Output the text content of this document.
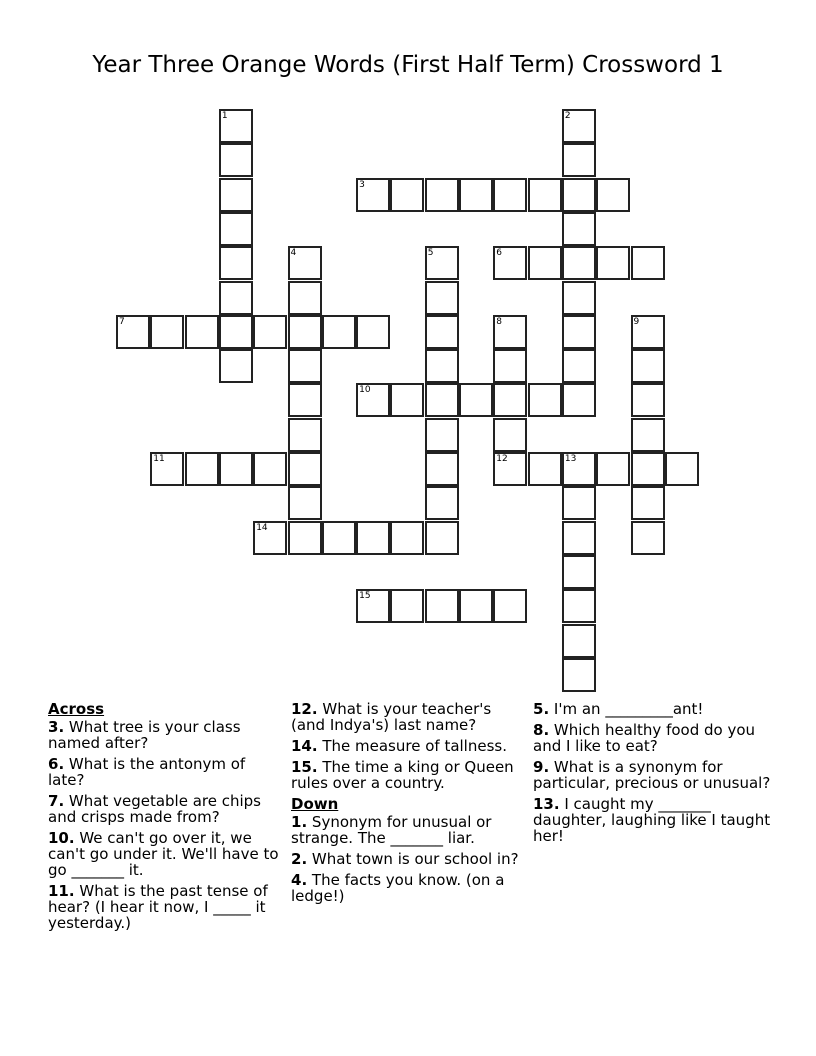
Year Three Orange Words (First Half Term) Crossword 1
1	2
3
4	5	6
7	8
12
9
10
11	13
14
15
Across
3. What tree is your class named after?
6. What is the antonym of late?
7. What vegetable are chips and crisps made from?
10. We can't go over it, we can't go under it. We'll have to go _______ it.
11. What is the past tense of hear? (I hear it now, I _____ it yesterday.)
12. What is your teacher's (and Indya's) last name?
14. The measure of tallness.
15. The time a king or Queen rules over a country.
Down
1. Synonym for unusual or strange. The _______ liar.
2. What town is our school in?
4. The facts you know. (on a ledge!)
5. I'm an _________ant!
8. Which healthy food do you and I like to eat?
9. What is a synonym for particular, precious or unusual?
13. I caught my _______ daughter, laughing like I taught her!
